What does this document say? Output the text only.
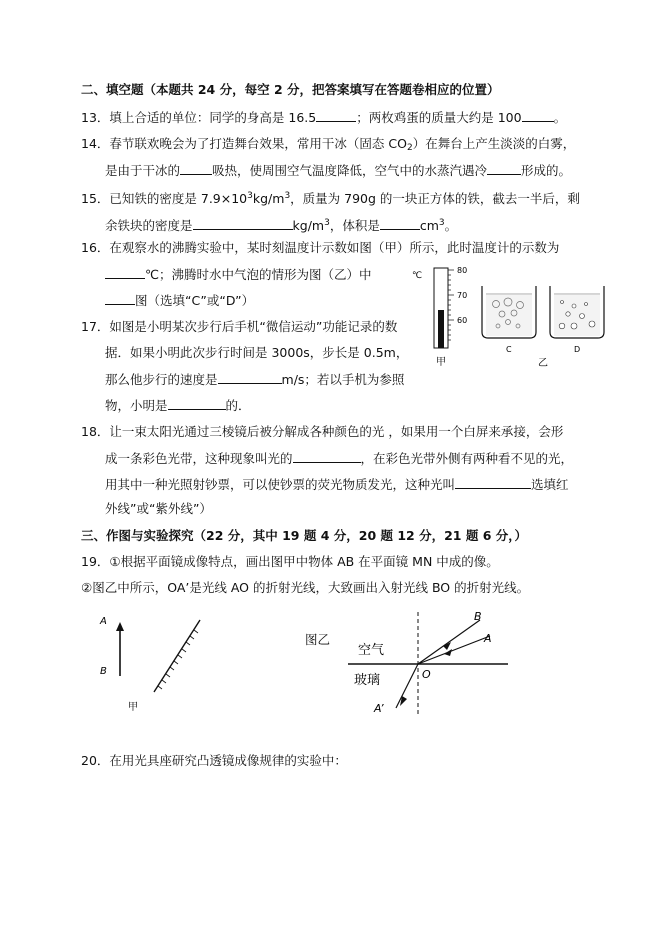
二、填空题（本题共 24 分，每空 2 分，把答案填写在答题卷相应的位置）
13．填上合适的单位：同学的身高是 16.5	；两枚鸡蛋的质量大约是 100	。
14．春节联欢晚会为了打造舞台效果，常用干冰（固态 $CO_2$）在舞台上产生淡淡的白雾，
是由于干冰的	吸热，使周围空气温度降低，空气中的水蒸汽遇冷	形成的。
15．已知铁的密度是 $7.9\times 10^3kg/m^3$，质量为 790g 的一块正方体的铁，截去一半后，剩
余铁块的密度是	$kg/m^3$，体积是	$cm^3$。
16．在观察水的沸腾实验中，某时刻温度计示数如图（甲）所示，此时温度计的示数为
℃；沸腾时水中气泡的情形为图（乙）中
图（选填“C”或“D”）
℃
80
70
60
甲
C	D
乙
17．如图是小明某次步行后手机“微信运动”功能记录的数
据．如果小明此次步行时间是 3000s，步长是 0.5m，
那么他步行的速度是	m/s；若以手机为参照
物，小明是	的．
18．让一束太阳光通过三棱镜后被分解成各种颜色的光 ，如果用一个白屏来承接，会形
成一条彩色光带，这种现象叫光的	，在彩色光带外侧有两种看不见的光，
用其中一种光照射钞票，可以使钞票的荧光物质发光，这种光叫	选填红
外线”或“紫外线”）
三、作图与实验探究（22 分，其中 19 题 4 分，20 题 12 分，21 题 6 分，）
19．①根据平面镜成像特点，画出图甲中物体 AB 在平面镜 MN 中成的像。
②图乙中所示，OA’是光线 AO 的折射光线，大致画出入射光线 BO 的折射光线。
A
B
甲
图乙
B
A
空气
玻璃	O
A’
20．在用光具座研究凸透镜成像规律的实验中：
